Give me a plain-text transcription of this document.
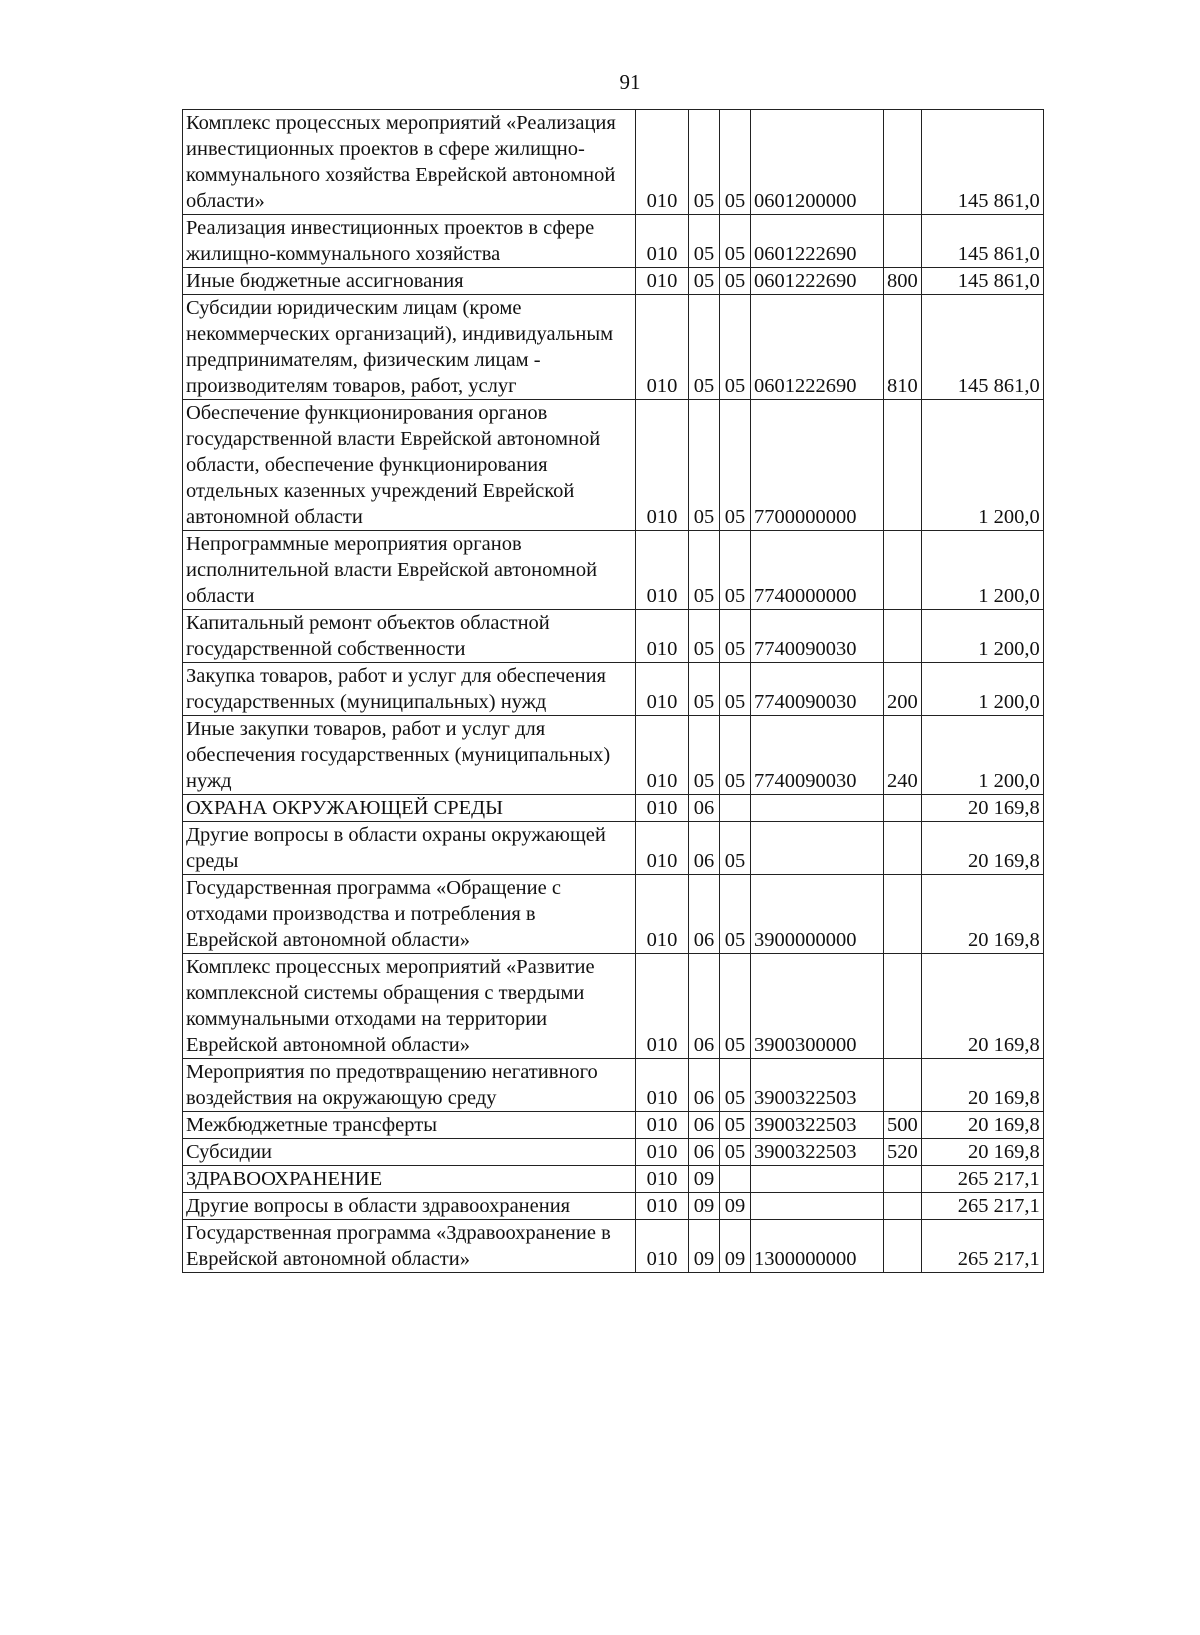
91
Комплекс процессных мероприятий «Реализация инвестиционных проектов в сфере жилищно-коммунального хозяйства Еврейской автономной области»	010	05	05	0601200000		145 861,0
Реализация инвестиционных проектов в сфере жилищно-коммунального хозяйства	010	05	05	0601222690		145 861,0
Иные бюджетные ассигнования	010	05	05	0601222690	800	145 861,0
Субсидии юридическим лицам (кроме некоммерческих организаций), индивидуальным предпринимателям, физическим лицам - производителям товаров, работ, услуг	010	05	05	0601222690	810	145 861,0
Обеспечение функционирования органов государственной власти Еврейской автономной области, обеспечение функционирования отдельных казенных учреждений Еврейской автономной области	010	05	05	7700000000		1 200,0
Непрограммные мероприятия органов исполнительной власти Еврейской автономной области	010	05	05	7740000000		1 200,0
Капитальный ремонт объектов областной государственной собственности	010	05	05	7740090030		1 200,0
Закупка товаров, работ и услуг для обеспечения государственных (муниципальных) нужд	010	05	05	7740090030	200	1 200,0
Иные закупки товаров, работ и услуг для обеспечения государственных (муниципальных) нужд	010	05	05	7740090030	240	1 200,0
ОХРАНА ОКРУЖАЮЩЕЙ СРЕДЫ	010	06				20 169,8
Другие вопросы в области охраны окружающей среды	010	06	05			20 169,8
Государственная программа «Обращение с отходами производства и потребления в Еврейской автономной области»	010	06	05	3900000000		20 169,8
Комплекс процессных мероприятий «Развитие комплексной системы обращения с твердыми коммунальными отходами на территории Еврейской автономной области»	010	06	05	3900300000		20 169,8
Мероприятия по предотвращению негативного воздействия на окружающую среду	010	06	05	3900322503		20 169,8
Межбюджетные трансферты	010	06	05	3900322503	500	20 169,8
Субсидии	010	06	05	3900322503	520	20 169,8
ЗДРАВООХРАНЕНИЕ	010	09				265 217,1
Другие вопросы в области здравоохранения	010	09	09			265 217,1
Государственная программа «Здравоохранение в Еврейской автономной области»	010	09	09	1300000000		265 217,1
